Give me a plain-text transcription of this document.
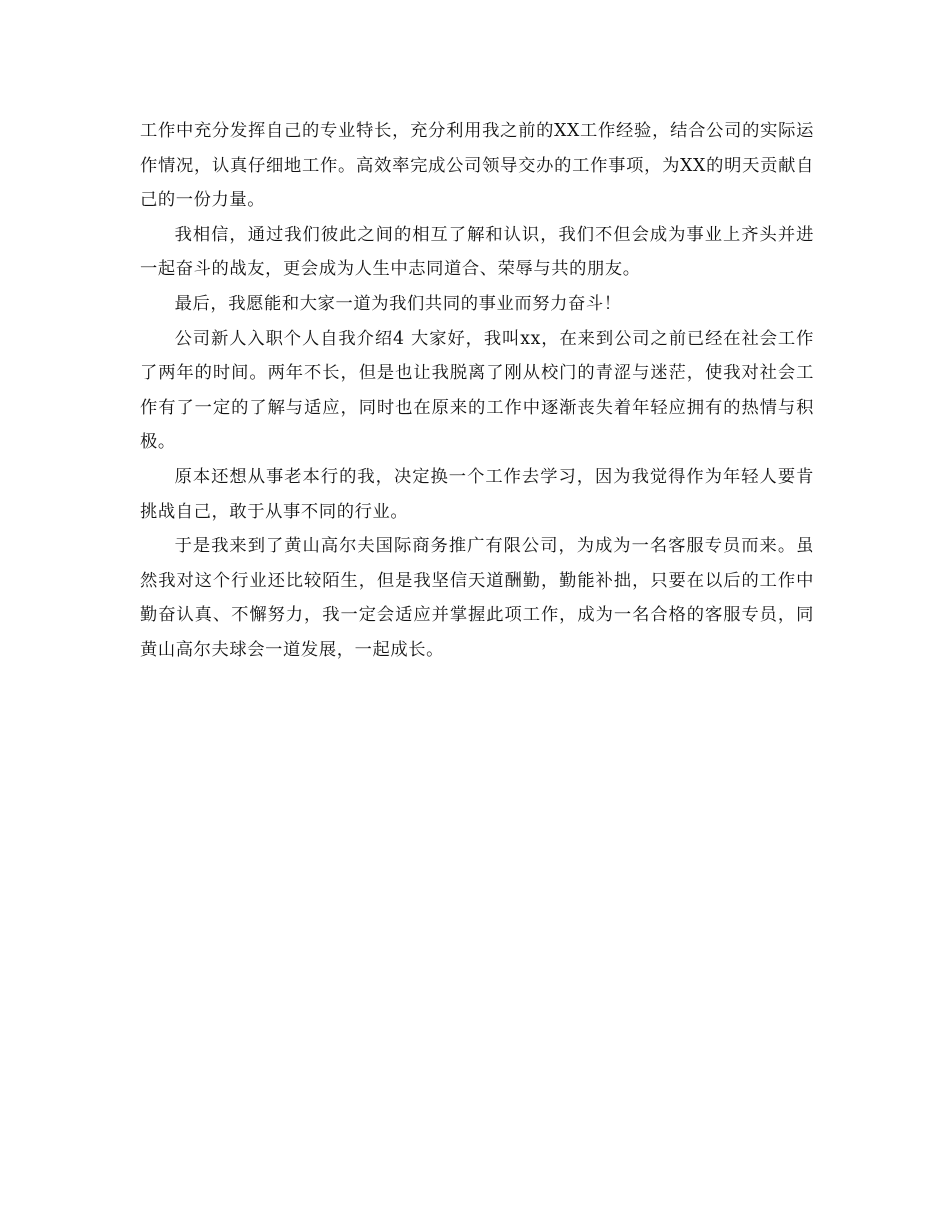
工作中充分发挥自己的专业特长，充分利用我之前的XX工作经验，结合公司的实际运作情况，认真仔细地工作。高效率完成公司领导交办的工作事项，为XX的明天贡献自己的一份力量。

我相信，通过我们彼此之间的相互了解和认识，我们不但会成为事业上齐头并进一起奋斗的战友，更会成为人生中志同道合、荣辱与共的朋友。

最后，我愿能和大家一道为我们共同的事业而努力奋斗！

公司新人入职个人自我介绍4 大家好，我叫xx，在来到公司之前已经在社会工作了两年的时间。两年不长，但是也让我脱离了刚从校门的青涩与迷茫，使我对社会工作有了一定的了解与适应，同时也在原来的工作中逐渐丧失着年轻应拥有的热情与积极。

原本还想从事老本行的我，决定换一个工作去学习，因为我觉得作为年轻人要肯挑战自己，敢于从事不同的行业。

于是我来到了黄山高尔夫国际商务推广有限公司，为成为一名客服专员而来。虽然我对这个行业还比较陌生，但是我坚信天道酬勤，勤能补拙，只要在以后的工作中勤奋认真、不懈努力，我一定会适应并掌握此项工作，成为一名合格的客服专员，同黄山高尔夫球会一道发展，一起成长。
